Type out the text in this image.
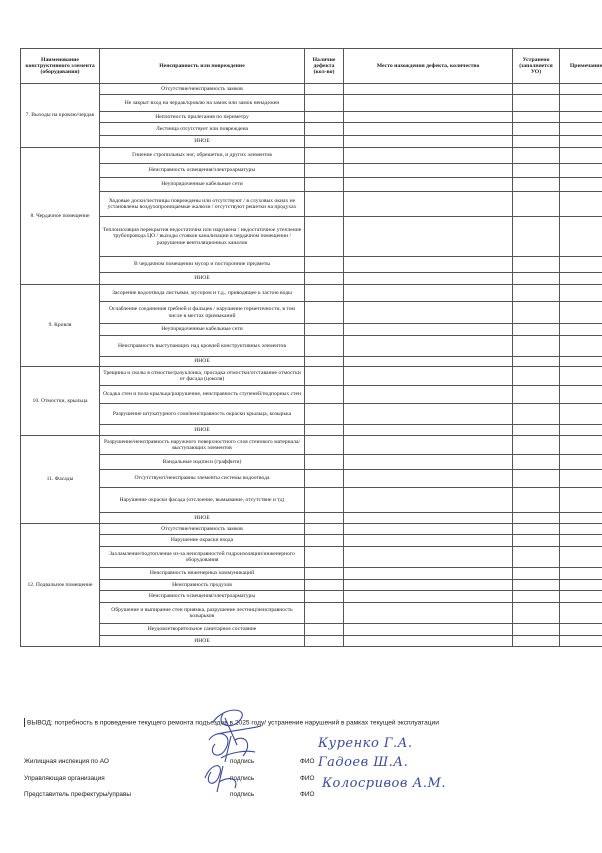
Наименование конструктивного элемента (оборудования)	Неисправность или повреждение	Наличие дефекта (кол-во)	Место нахождения дефекта, количество	Устранено (заполняется УО)	Примечание
7. Выходы на кровлю/чердак	Отсутствие/неисправность замков				
	Не закрыт вход на чердак/кровлю на замок или замок ненадежен				
	Неплотность прилегания по периметру				
	Лестница отсутствует или повреждена				
	ИНОЕ				
8. Чердачное помещение	Гниение стропильных ног, обрешетки, и других элементов				
	Неисправность освещения/электроарматуры				
	Неупорядоченные кабельные сети				
	Ходовые доски/лестницы повреждены или отсутствуют / в слуховых окнах не установлены воздухопроницаемые жалюзи / отсутствуют решетки на продухах				
	Теплоизоляция перекрытия недостаточна или нарушена / недостаточное утепление трубопровода ЦО / выходы стояков канализации в чердачном помещении / разрушение вентиляционных каналов				
	В чердачном помещении мусор и посторонние предметы				
	ИНОЕ				
9. Кровля	Засорение водоотвода листьями, мусором и т.д., приводящее к застою воды				
	Ослабление соединения гребней и фальцев / нарушение герметичности, в том числе в местах примыканий				
	Неупорядоченные кабельные сети				
	Неисправность выступающих над кровлей конструктивных элементов				
	ИНОЕ				
10. Отмостки, крыльца	Трещины и сколы в отмостке/разуклонка, просадка отмостки/отставание отмостки от фасада (цоколя)				
	Осадка стен и пола крыльца/разрушение, неисправность ступеней/подпорных стен				
	Разрушение штукатурного слоя/неисправность окраски крыльца, козырька				
	ИНОЕ				
11. Фасады	Разрушение/неисправность наружного поверхностного слоя стенового материала/выступающих элементов				
	Вандальные надписи (граффити)				
	Отсутствуют/неисправны элементы системы водоотвода				
	Нарушение окраски фасада (отслоение, вымывание, отсутствие и тд)				
	ИНОЕ				
12. Подвальное помещение	Отсутствие/неисправность замков				
	Нарушение окраски входа				
	Захламление/подтопление из-за неисправностей гидроизоляции/инженерного оборудования				
	Неисправность инженерных коммуникаций				
	Неисправность продухов				
	Неисправность освещения/электроарматуры				
	Обрушение и выпирание стен приямка, разрушение лестниц/неисправность козырьков				
	Неудовлетворительное санитарное состояние				
	ИНОЕ				
ВЫВОД: потребность в проведение текущего ремонта подъездов в 2025 году/ устранение нарушений в рамках текущей эксплуатации
Жилищная инспекция по АО	подпись	ФИО
Куренко Г.А.
Управляющая организация	подпись	ФИО
Гадоев Ш.А.
Представитель префектуры/управы	подпись	ФИО
Колосривов А.М.
